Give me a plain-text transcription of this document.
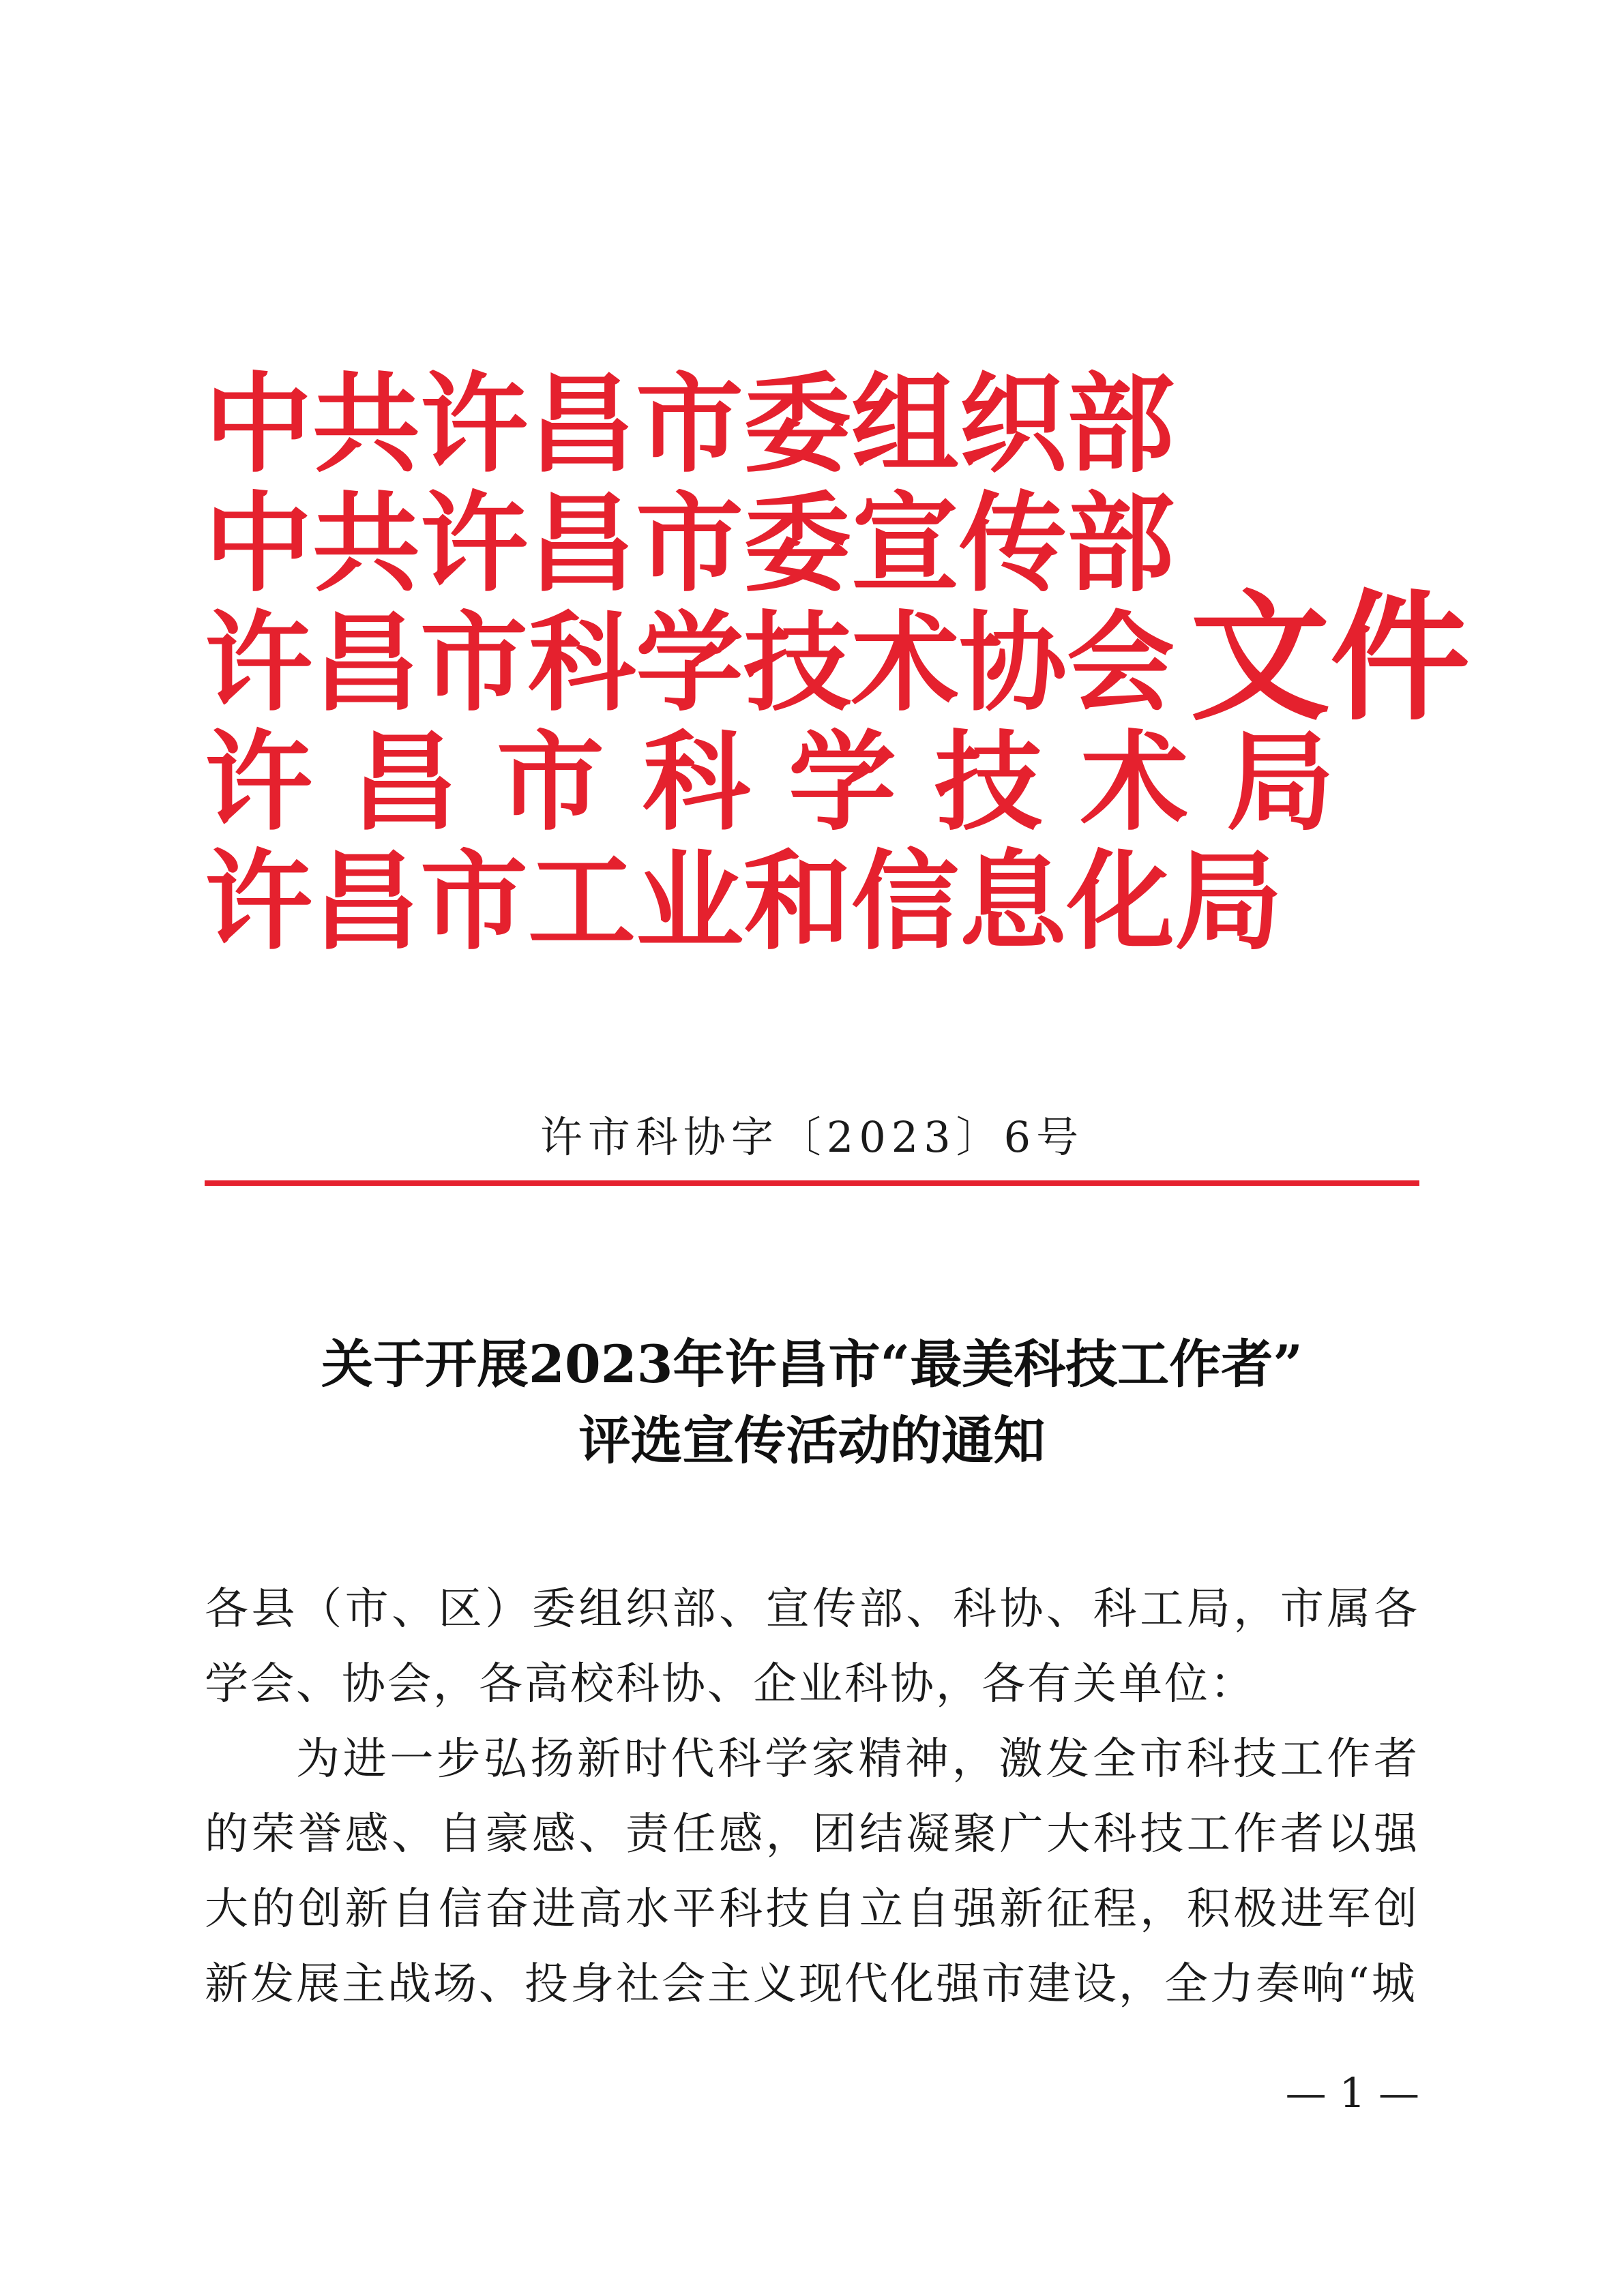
中共许昌市委组织部
中共许昌市委宣传部
许昌市科学技术协会
许昌市科学技术局
许昌市工业和信息化局
文件
许市科协字〔2023〕6号
关于开展2023年许昌市“最美科技工作者”
评选宣传活动的通知

各县（市、区）委组织部、宣传部、科协、科工局，市属各学会、协会，各高校科协、企业科协，各有关单位：

为进一步弘扬新时代科学家精神，激发全市科技工作者的荣誉感、自豪感、责任感，团结凝聚广大科技工作者以强大的创新自信奋进高水平科技自立自强新征程，积极进军创新发展主战场、投身社会主义现代化强市建设，全力奏响“城

— 1 —
